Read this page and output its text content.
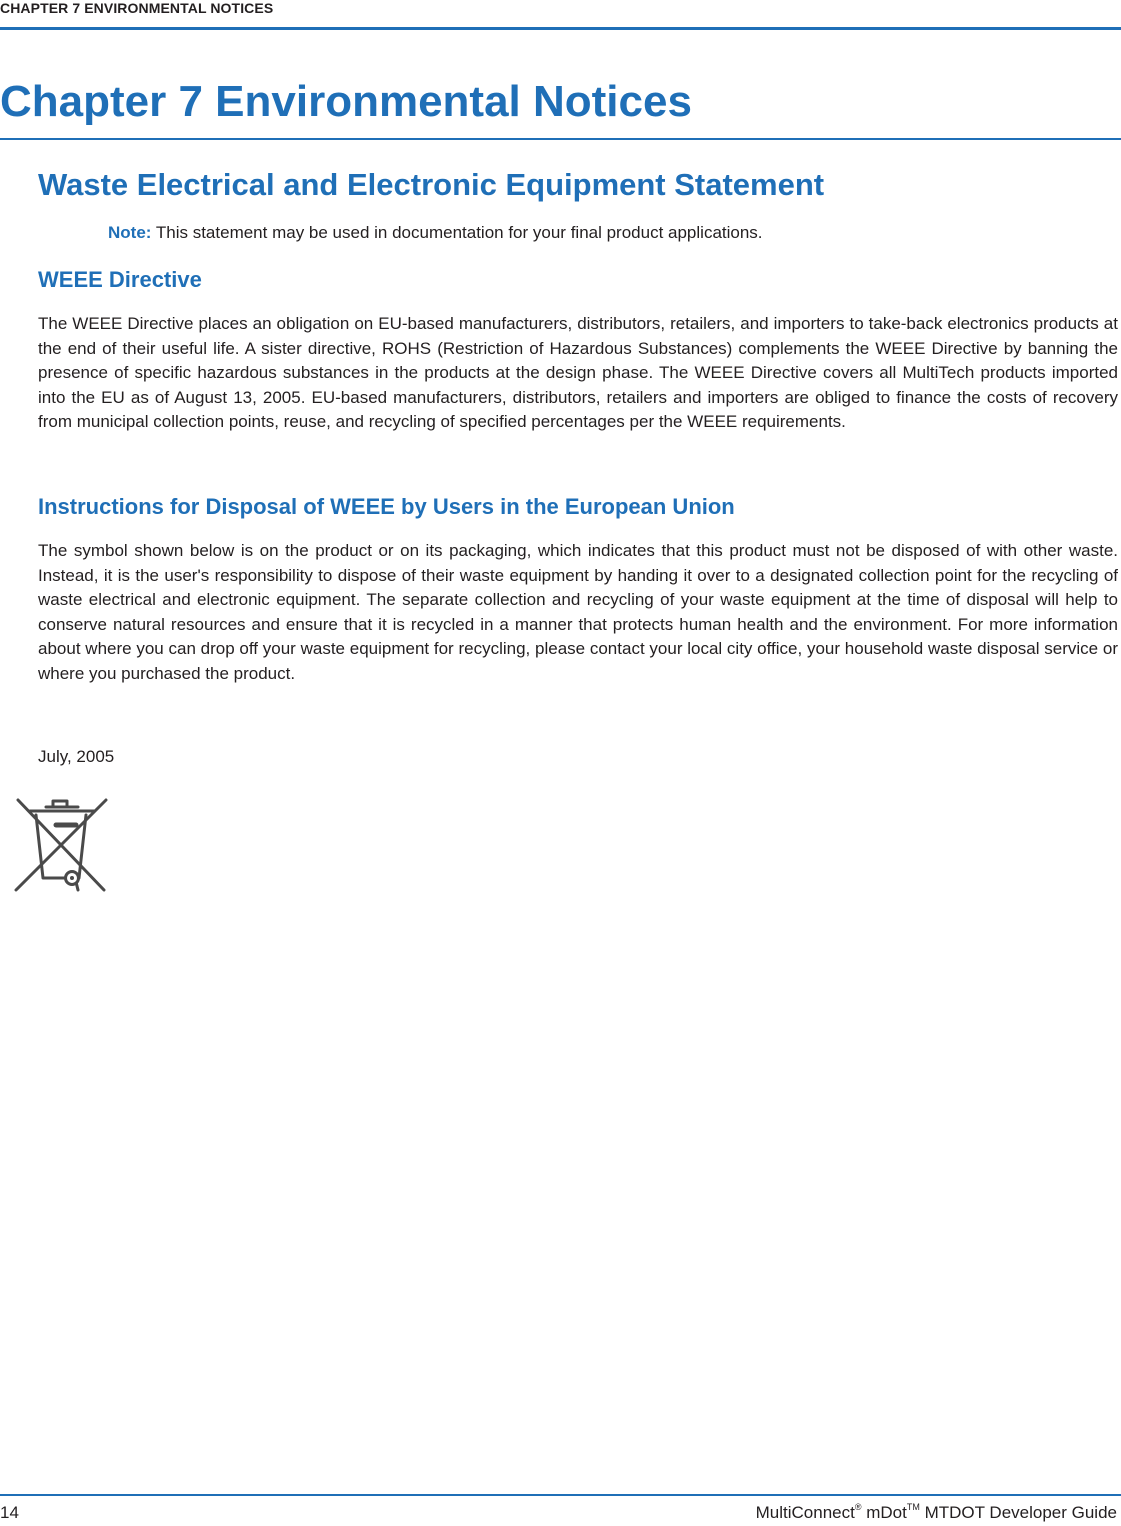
CHAPTER 7 ENVIRONMENTAL NOTICES
Chapter 7 Environmental Notices
Waste Electrical and Electronic Equipment Statement
Note: This statement may be used in documentation for your final product applications.
WEEE Directive

The WEEE Directive places an obligation on EU-based manufacturers, distributors, retailers, and importers to take-back electronics products at the end of their useful life. A sister directive, ROHS (Restriction of Hazardous Substances) complements the WEEE Directive by banning the presence of specific hazardous substances in the products at the design phase. The WEEE Directive covers all MultiTech products imported into the EU as of August 13, 2005. EU-based manufacturers, distributors, retailers and importers are obliged to finance the costs of recovery from municipal collection points, reuse, and recycling of specified percentages per the WEEE requirements.

Instructions for Disposal of WEEE by Users in the European Union

The symbol shown below is on the product or on its packaging, which indicates that this product must not be disposed of with other waste. Instead, it is the user's responsibility to dispose of their waste equipment by handing it over to a designated collection point for the recycling of waste electrical and electronic equipment. The separate collection and recycling of your waste equipment at the time of disposal will help to conserve natural resources and ensure that it is recycled in a manner that protects human health and the environment. For more information about where you can drop off your waste equipment for recycling, please contact your local city office, your household waste disposal service or where you purchased the product.

July, 2005

14	MultiConnect® mDot™ MTDOT Developer Guide
